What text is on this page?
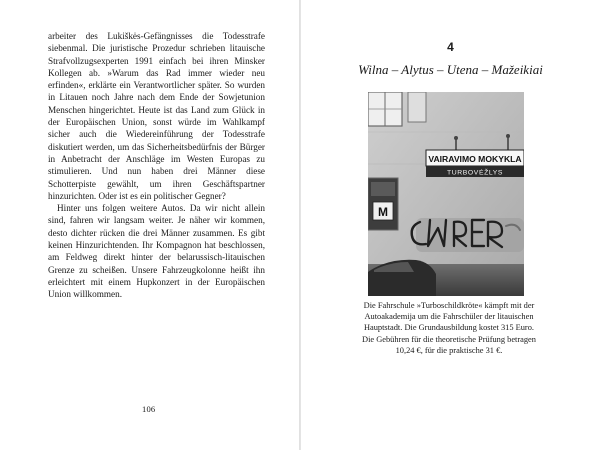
arbeiter des Lukiškės-Gefängnisses die Todesstrafe siebenmal. Die juristische Prozedur schrieben litauische Strafvollzugsexperten 1991 einfach bei ihren Minsker Kollegen ab. »Warum das Rad immer wieder neu erfinden«, erklärte ein Verantwortlicher später. So wurden in Litauen noch Jahre nach dem Ende der Sowjetunion Menschen hingerichtet. Heute ist das Land zum Glück in der Europäischen Union, sonst würde im Wahlkampf sicher auch die Wiedereinführung der Todesstrafe diskutiert werden, um das Sicherheitsbedürfnis der Bürger in Anbetracht der Anschläge im Westen Europas zu stimulieren. Und nun haben drei Männer diese Schotterpiste gewählt, um ihren Geschäftspartner hinzurichten. Oder ist es ein politischer Gegner?

Hinter uns folgen weitere Autos. Da wir nicht allein sind, fahren wir langsam weiter. Je näher wir kommen, desto dichter rücken die drei Männer zusammen. Es gibt keinen Hinzurichtenden. Ihr Kompagnon hat beschlossen, am Feldweg direkt hinter der belarussisch-litauischen Grenze zu scheißen. Unsere Fahrzeugkolonne heißt ihn erleichtert mit einem Hupkonzert in der Europäischen Union willkommen.

106
4
Wilna – Alytus – Utena – Mažeikiai
VAIRAVIMO MOKYKLA
TURBOVĖŽLYS
M
Die Fahrschule »Turboschildkröte« kämpft mit der Autoakademija um die Fahrschüler der litauischen Hauptstadt. Die Grundausbildung kostet 315 Euro. Die Gebühren für die theoretische Prüfung betragen 10,24 €, für die praktische 31 €.
